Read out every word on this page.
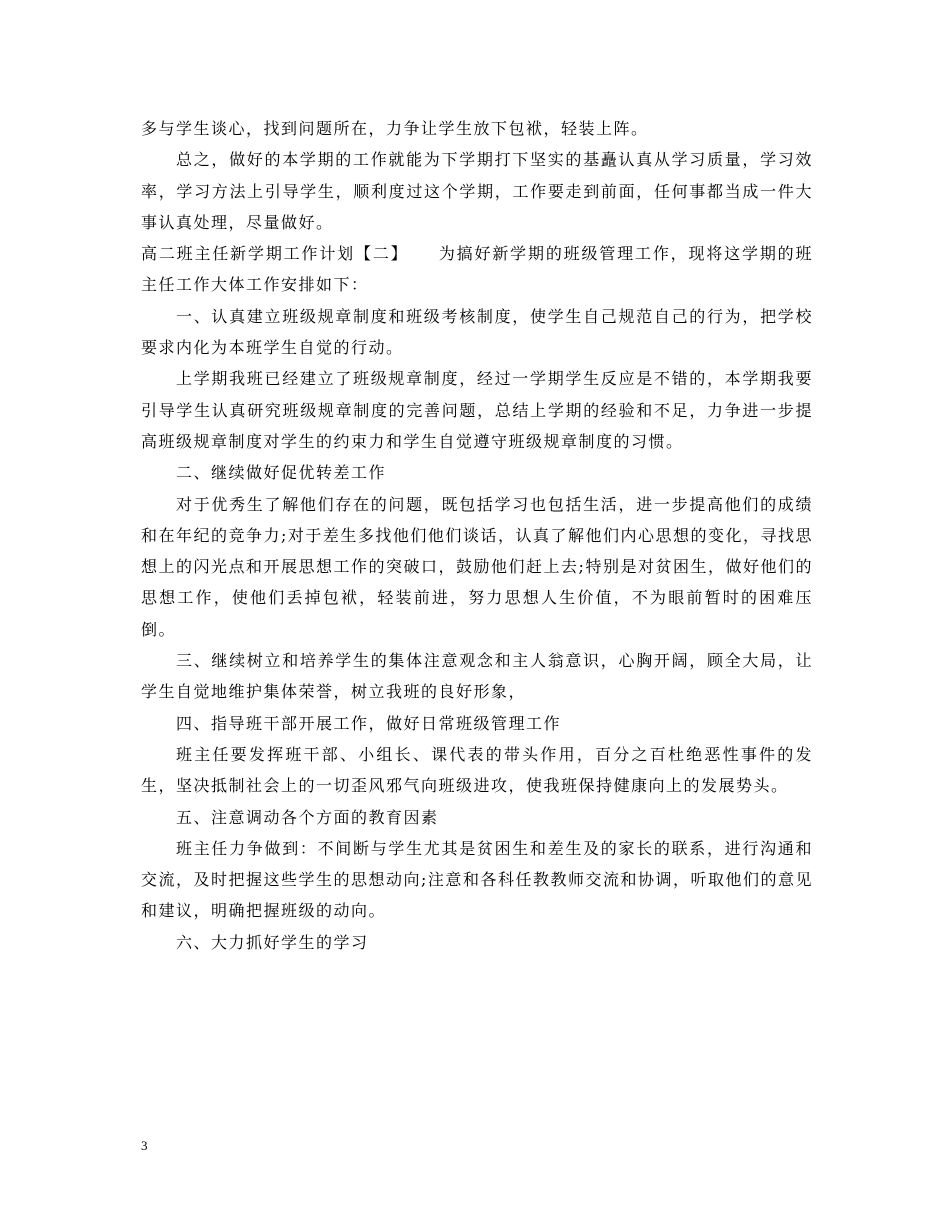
多与学生谈心，找到问题所在，力争让学生放下包袱，轻装上阵。

总之，做好的本学期的工作就能为下学期打下坚实的基矗认真从学习质量，学习效率，学习方法上引导学生，顺利度过这个学期，工作要走到前面，任何事都当成一件大事认真处理，尽量做好。

高二班主任新学期工作计划【二】 为搞好新学期的班级管理工作，现将这学期的班主任工作大体工作安排如下：

一、认真建立班级规章制度和班级考核制度，使学生自己规范自己的行为，把学校要求内化为本班学生自觉的行动。

上学期我班已经建立了班级规章制度，经过一学期学生反应是不错的，本学期我要引导学生认真研究班级规章制度的完善问题，总结上学期的经验和不足，力争进一步提高班级规章制度对学生的约束力和学生自觉遵守班级规章制度的习惯。

二、继续做好促优转差工作

对于优秀生了解他们存在的问题，既包括学习也包括生活，进一步提高他们的成绩和在年纪的竞争力;对于差生多找他们他们谈话，认真了解他们内心思想的变化，寻找思想上的闪光点和开展思想工作的突破口，鼓励他们赶上去;特别是对贫困生，做好他们的思想工作，使他们丢掉包袱，轻装前进，努力思想人生价值，不为眼前暂时的困难压倒。

三、继续树立和培养学生的集体注意观念和主人翁意识，心胸开阔，顾全大局，让学生自觉地维护集体荣誉，树立我班的良好形象，

四、指导班干部开展工作，做好日常班级管理工作

班主任要发挥班干部、小组长、课代表的带头作用，百分之百杜绝恶性事件的发生，坚决抵制社会上的一切歪风邪气向班级进攻，使我班保持健康向上的发展势头。

五、注意调动各个方面的教育因素

班主任力争做到：不间断与学生尤其是贫困生和差生及的家长的联系，进行沟通和交流，及时把握这些学生的思想动向;注意和各科任教教师交流和协调，听取他们的意见和建议，明确把握班级的动向。

六、大力抓好学生的学习

3
